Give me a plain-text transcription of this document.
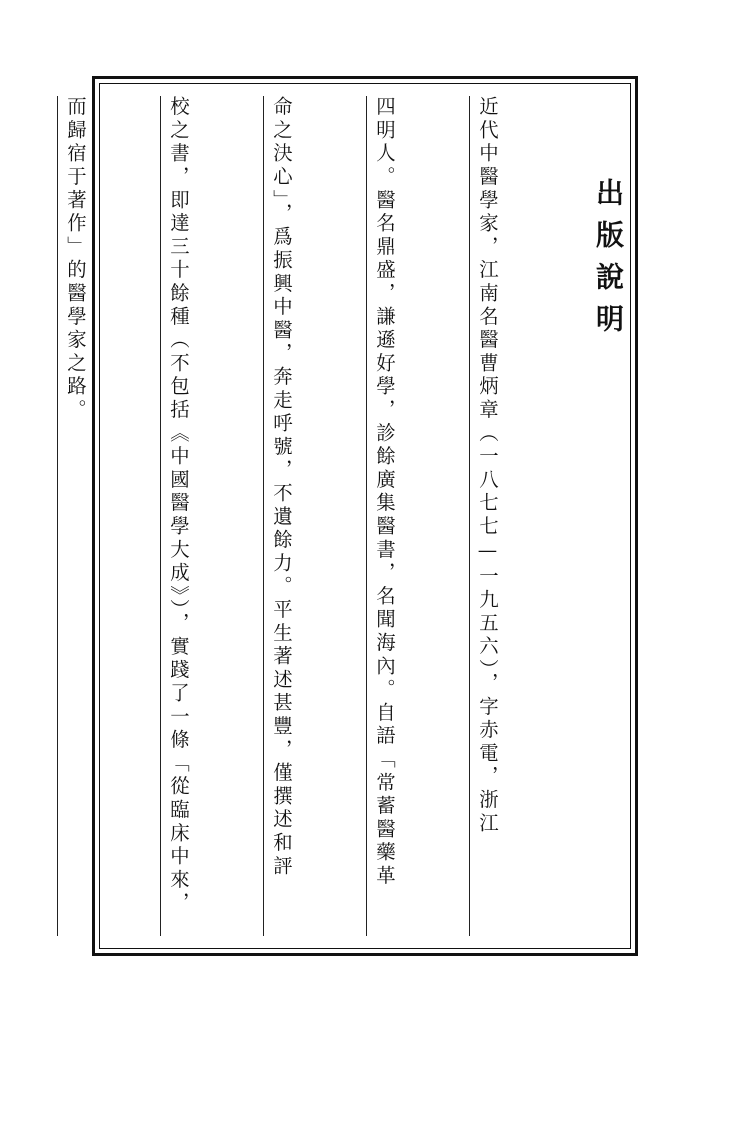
出版說明

近代中醫學家，江南名醫曹炳章（一八七七—一九五六），字赤電，浙江

四明人。醫名鼎盛，謙遜好學，診餘廣集醫書，名聞海內。自語「常蓄醫藥革

命之決心」，爲振興中醫，奔走呼號，不遺餘力。平生著述甚豐，僅撰述和評

校之書，即達三十餘種（不包括《中國醫學大成》），實踐了一條「從臨床中來，

而歸宿于著作」的醫學家之路。
